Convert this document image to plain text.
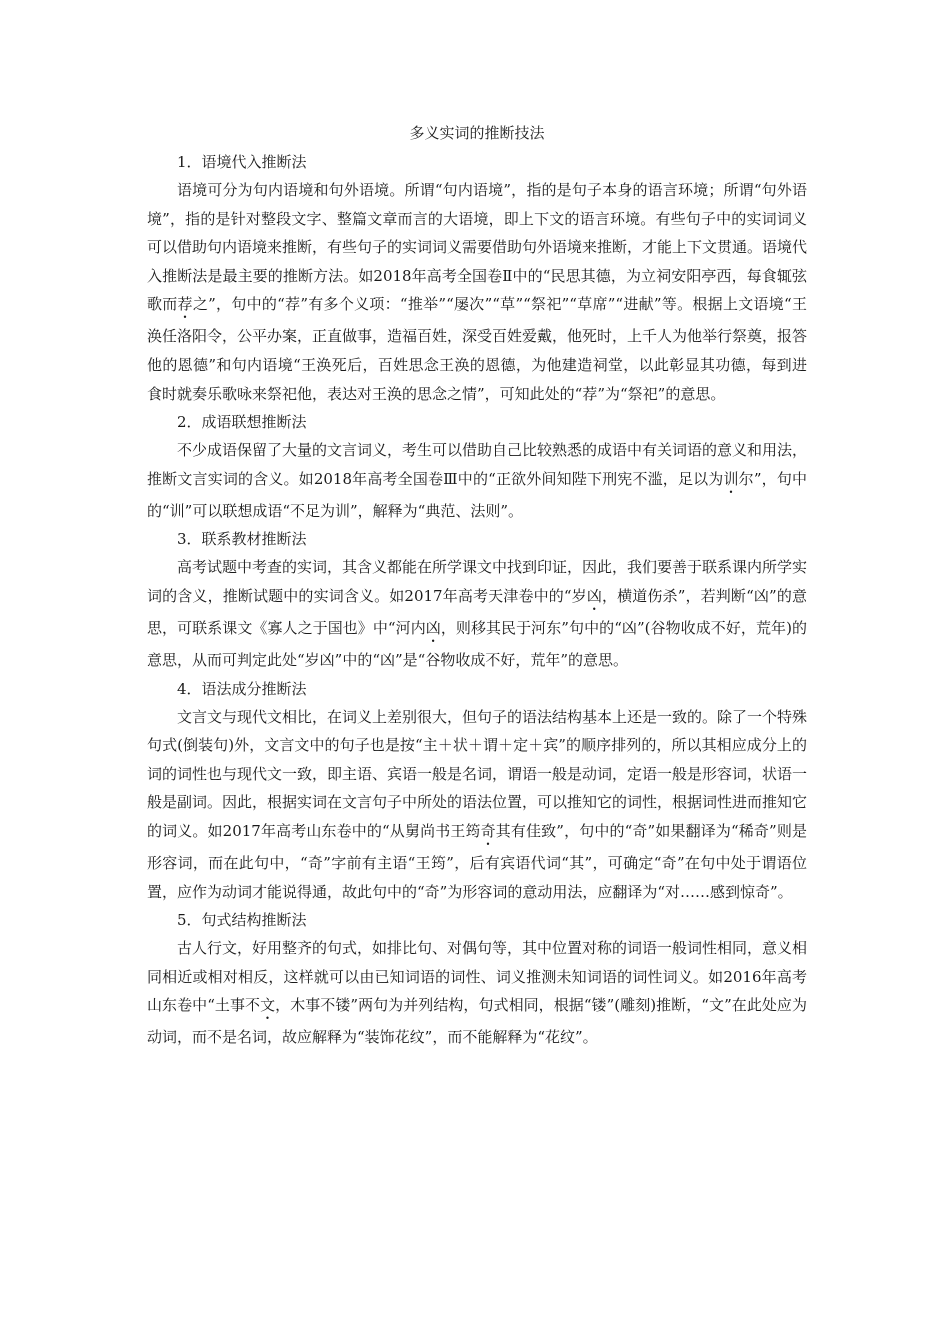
多义实词的推断技法

1．语境代入推断法

语境可分为句内语境和句外语境。所谓“句内语境”，指的是句子本身的语言环境；所谓“句外语境”，指的是针对整段文字、整篇文章而言的大语境，即上下文的语言环境。有些句子中的实词词义可以借助句内语境来推断，有些句子的实词词义需要借助句外语境来推断，才能上下文贯通。语境代入推断法是最主要的推断方法。如2018年高考全国卷Ⅱ中的“民思其德，为立祠安阳亭西，每食辄弦歌而荐之”，句中的“荐”有多个义项：“推举”“屡次”“草”“祭祀”“草席”“进献”等。根据上文语境“王涣任洛阳令，公平办案，正直做事，造福百姓，深受百姓爱戴，他死时，上千人为他举行祭奠，报答他的恩德”和句内语境“王涣死后，百姓思念王涣的恩德，为他建造祠堂，以此彰显其功德，每到进食时就奏乐歌咏来祭祀他，表达对王涣的思念之情”，可知此处的“荐”为“祭祀”的意思。

2．成语联想推断法

不少成语保留了大量的文言词义，考生可以借助自己比较熟悉的成语中有关词语的意义和用法，推断文言实词的含义。如2018年高考全国卷Ⅲ中的“正欲外间知陛下刑宪不滥，足以为训尔”，句中的“训”可以联想成语“不足为训”，解释为“典范、法则”。

3．联系教材推断法

高考试题中考查的实词，其含义都能在所学课文中找到印证，因此，我们要善于联系课内所学实词的含义，推断试题中的实词含义。如2017年高考天津卷中的“岁凶，横道伤杀”，若判断“凶”的意思，可联系课文《寡人之于国也》中“河内凶，则移其民于河东”句中的“凶”(谷物收成不好，荒年)的意思，从而可判定此处“岁凶”中的“凶”是“谷物收成不好，荒年”的意思。

4．语法成分推断法

文言文与现代文相比，在词义上差别很大，但句子的语法结构基本上还是一致的。除了一个特殊句式(倒装句)外，文言文中的句子也是按“主＋状＋谓＋定＋宾”的顺序排列的，所以其相应成分上的词的词性也与现代文一致，即主语、宾语一般是名词，谓语一般是动词，定语一般是形容词，状语一般是副词。因此，根据实词在文言句子中所处的语法位置，可以推知它的词性，根据词性进而推知它的词义。如2017年高考山东卷中的“从舅尚书王筠奇其有佳致”，句中的“奇”如果翻译为“稀奇”则是形容词，而在此句中，“奇”字前有主语“王筠”，后有宾语代词“其”，可确定“奇”在句中处于谓语位置，应作为动词才能说得通，故此句中的“奇”为形容词的意动用法，应翻译为“对……感到惊奇”。

5．句式结构推断法

古人行文，好用整齐的句式，如排比句、对偶句等，其中位置对称的词语一般词性相同，意义相同相近或相对相反，这样就可以由已知词语的词性、词义推测未知词语的词性词义。如2016年高考山东卷中“土事不文，木事不镂”两句为并列结构，句式相同，根据“镂”(雕刻)推断，“文”在此处应为动词，而不是名词，故应解释为“装饰花纹”，而不能解释为“花纹”。
